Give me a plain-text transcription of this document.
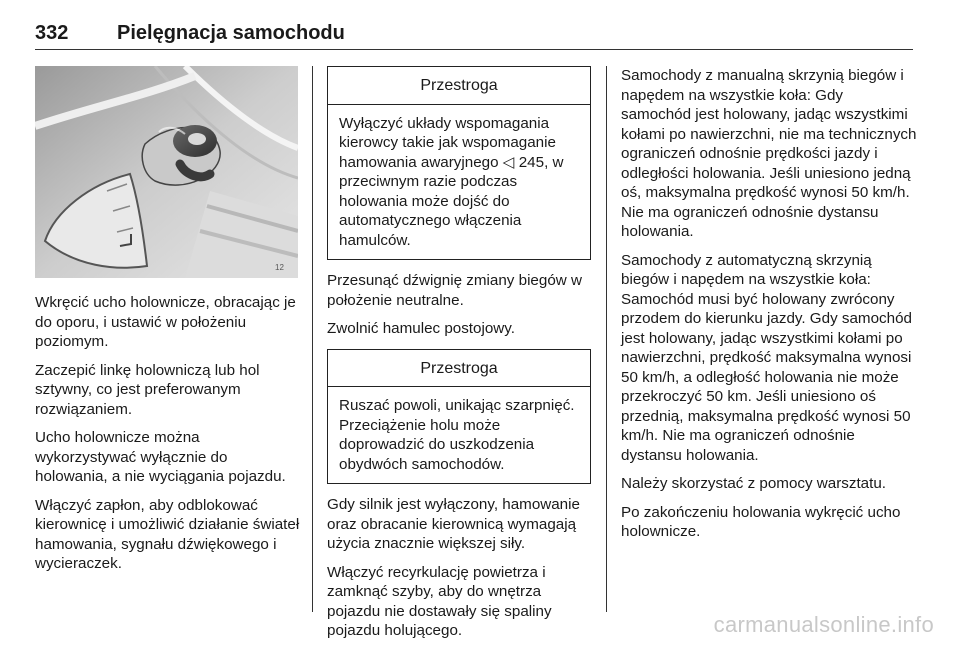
332 Pielęgnacja samochodu
12

Wkręcić ucho holownicze, obracając je do oporu, i ustawić w położeniu poziomym.

Zaczepić linkę holowniczą lub hol sztywny, co jest preferowanym rozwiązaniem.

Ucho holownicze można wykorzystywać wyłącznie do holowania, a nie wyciągania pojazdu.

Włączyć zapłon, aby odblokować kierownicę i umożliwić działanie świateł hamowania, sygnału dźwiękowego i wycieraczek.

Przestroga
Wyłączyć układy wspomagania kierowcy takie jak wspomaganie hamowania awaryjnego ◁ 245, w przeciwnym razie podczas holowania może dojść do automatycznego włączenia hamulców.

Przesunąć dźwignię zmiany biegów w położenie neutralne.

Zwolnić hamulec postojowy.

Przestroga
Ruszać powoli, unikając szarpnięć. Przeciążenie holu może doprowadzić do uszkodzenia obydwóch samochodów.

Gdy silnik jest wyłączony, hamowanie oraz obracanie kierownicą wymagają użycia znacznie większej siły.

Włączyć recyrkulację powietrza i zamknąć szyby, aby do wnętrza pojazdu nie dostawały się spaliny pojazdu holującego.

Samochody z manualną skrzynią biegów i napędem na wszystkie koła: Gdy samochód jest holowany, jadąc wszystkimi kołami po nawierzchni, nie ma technicznych ograniczeń odnośnie prędkości jazdy i odległości holowania. Jeśli uniesiono jedną oś, maksymalna prędkość wynosi 50 km/h. Nie ma ograniczeń odnośnie dystansu holowania.

Samochody z automatyczną skrzynią biegów i napędem na wszystkie koła: Samochód musi być holowany zwrócony przodem do kierunku jazdy. Gdy samochód jest holowany, jadąc wszystkimi kołami po nawierzchni, prędkość maksymalna wynosi 50 km/h, a odległość holowania nie może przekroczyć 50 km. Jeśli uniesiono oś przednią, maksymalna prędkość wynosi 50 km/h. Nie ma ograniczeń odnośnie dystansu holowania.

Należy skorzystać z pomocy warsztatu.

Po zakończeniu holowania wykręcić ucho holownicze.

carmanualsonline.info
